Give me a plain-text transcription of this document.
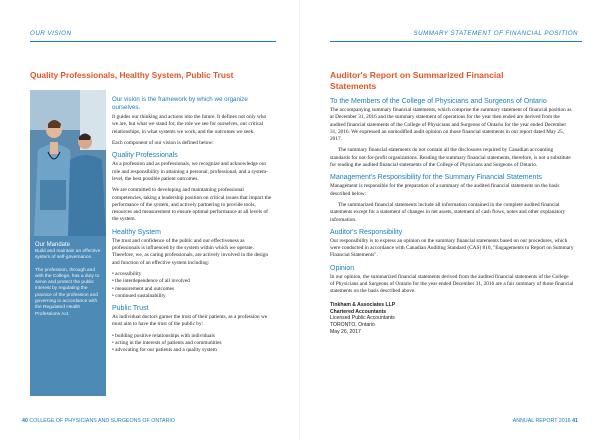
OUR VISION
Quality Professionals, Healthy System, Public Trust
Our Mandate
Build and maintain an effective system of self-governance.
The profession, through and with the College, has a duty to serve and protect the public interest by regulating the practice of the profession and governing in accordance with the Regulated Health Professions Act.

Our vision is the framework by which we organize ourselves.

It guides our thinking and actions into the future. It defines not only who we are, but what we stand for, the role we see for ourselves, our critical relationships, in what systems we work, and the outcomes we seek.

Each component of our vision is defined below:

Quality Professionals

As a profession and as professionals, we recognize and acknowledge our role and responsibility in attaining a personal, professional, and a system-level, the best possible patient outcomes.

We are committed to developing and maintaining professional competencies, taking a leadership position on critical issues that impact the performance of the system, and actively partnering to provide tools, resources and measurement to ensure optimal performance at all levels of the system.

Healthy System

The trust and confidence of the public and our effectiveness as professionals is influenced by the system within which we operate. Therefore, we, as caring professionals, are actively involved in the design and function of an effective system including:

• accessibility
• the interdependence of all involved
• measurement and outcomes
• continued sustainability
Public Trust

As individual doctors garner the trust of their patients, as a profession we must aim to have the trust of the public by:

• building positive relationships with individuals
• acting in the interests of patients and communities
• advocating for our patients and a quality system
40 COLLEGE OF PHYSICIANS AND SURGEONS OF ONTARIO
SUMMARY STATEMENT OF FINANCIAL POSITION
Auditor's Report on Summarized Financial
Statements
To the Members of the College of Physicians and Surgeons of Ontario

The accompanying summary financial statements, which comprise the summary statement of financial position as at December 31, 2016 and the summary statement of operations for the year then ended are derived from the audited financial statements of the College of Physicians and Surgeons of Ontario for the year ended December 31, 2016. We expressed an unmodified audit opinion on those financial statements in our report dated May 25, 2017.

The summary financial statements do not contain all the disclosures required by Canadian accounting standards for not-for-profit organizations. Reading the summary financial statements, therefore, is not a substitute for reading the audited financial statements of the College of Physicians and Surgeons of Ontario.

Management's Responsibility for the Summary Financial Statements

Management is responsible for the preparation of a summary of the audited financial statements on the basis described below:

The summarized financial statements include all information contained in the complete audited financial statements except for a statement of changes in net assets, statement of cash flows, notes and other explanatory information.

Auditor's Responsibility

Our responsibility is to express an opinion on the summary financial statements based on our procedures, which were conducted in accordance with Canadian Auditing Standard (CAS) 810, "Engagements to Report on Summary Financial Statements".

Opinion

In our opinion, the summarized financial statements derived from the audited financial statements of the College of Physicians and Surgeons of Ontario for the year ended December 31, 2016 are a fair summary of those financial statements on the basis described above.

Tinkham & Associates LLP
Chartered Accountants
Licensed Public Accountants
TORONTO, Ontario
May 26, 2017
ANNUAL REPORT 2016 41
